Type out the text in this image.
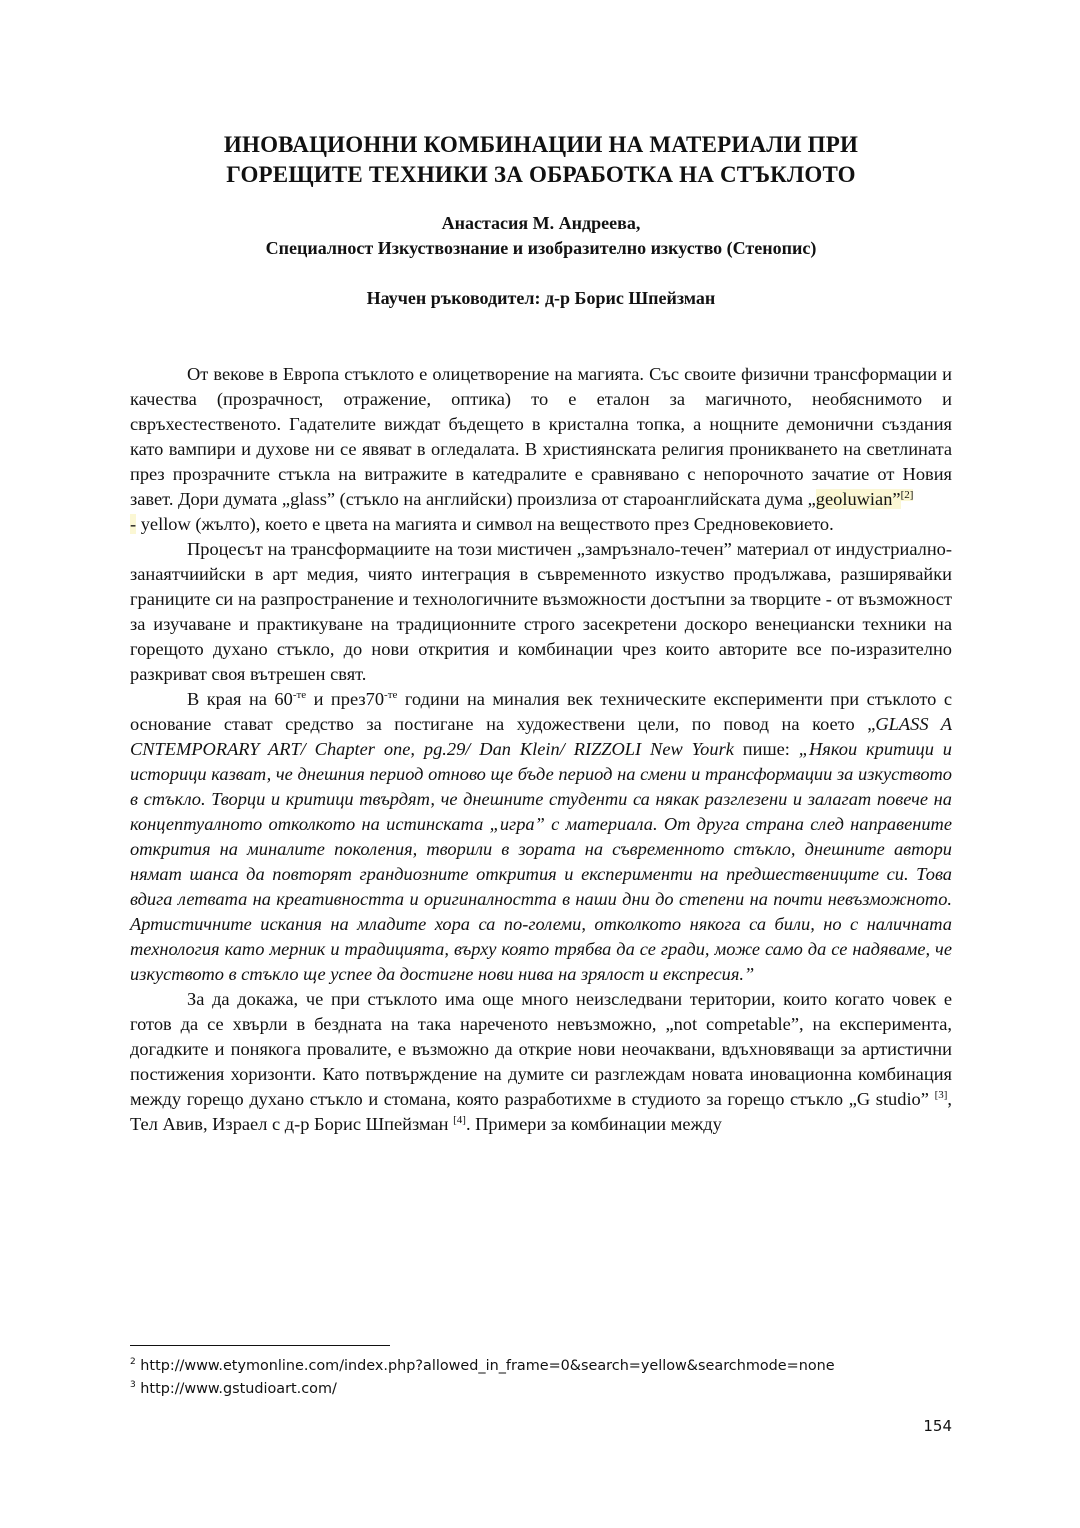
ИНОВАЦИОННИ КОМБИНАЦИИ НА МАТЕРИАЛИ ПРИ
ГОРЕЩИТЕ ТЕХНИКИ ЗА ОБРАБОТКА НА СТЪКЛОТО
Анастасия М. Андреева,
Специалност Изкуствознание и изобразително изкуство (Стенопис)
Научен ръководител: д-р Борис Шпейзман

От векове в Европа стъклото е олицетворение на магията. Със своите физични трансформации и качества (прозрачност, отражение, оптика) то е еталон за магичното, необяснимото и свръхестественото. Гадателите виждат бъдещето в кристална топка, а нощните демонични създания като вампири и духове ни се явяват в огледалата. В християнската религия проникването на светлината през прозрачните стъкла на витражите в катедралите е сравнявано с непорочното зачатие от Новия завет. Дори думата „glass” (стъкло на английски) произлиза от староанглийската дума „geoluwian”[2]
- yellow (жълто), което е цвета на магията и символ на веществото през Средновековието.

Процесът на трансформациите на този мистичен „замръзнало-течен” материал от индустриално-занаятчиийски в арт медия, чиято интеграция в съвременното изкуство продължава, разширявайки границите си на разпространение и технологичните възможности достъпни за творците - от възможност за изучаване и практикуване на традиционните строго засекретени доскоро венециански техники на горещото духано стъкло, до нови открития и комбинации чрез които авторите все по-изразително разкриват своя вътрешен свят.

В края на $60^{-те}$ и $през70^{-те}$ години на миналия век техническите експерименти при стъклото с основание стават средство за постигане на художествени цели, по повод на което „GLASS A CNTEMPORARY ART/ Chapter one, pg.29/ Dan Klein/ RIZZOLI New Yourk пише: „Някои критици и историци казват, че днешния период отново ще бъде период на смени и трансформации за изкуството в стъкло. Творци и критици твърдят, че днешните студенти са някак разглезени и залагат повече на концептуалното отколкото на истинската „игра” с материала. От друга страна след направените открития на миналите поколения, творили в зората на съвременното стъкло, днешните автори нямат шанса да повторят грандиозните открития и експерименти на предшествениците си. Това вдига летвата на креативността и оригиналността в наши дни до степени на почти невъзможното. Артистичните искания на младите хора са по-големи, отколкото някога са били, но с наличната технология като мерник и традицията, върху която трябва да се гради, може само да се надяваме, че изкуството в стъкло ще успее да достигне нови нива на зрялост и експресия.”

За да докажа, че при стъклото има още много неизследвани територии, които когато човек е готов да се хвърли в бездната на така нареченото невъзможно, „not competable”, на експеримента, догадките и понякога провалите, е възможно да открие нови неочаквани, вдъхновяващи за артистични постижения хоризонти. Като потвърждение на думите си разглеждам новата иновационна комбинация между горещо духано стъкло и стомана, която разработихме в студиото за горещо стъкло „G studio” [3], Тел Авив, Израел с д-р Борис Шпейзман [4]. Примери за комбинации между

$^2$ http://www.etymonline.com/index.php?allowed_in_frame=0&search=yellow&searchmode=none
$^3$ http://www.gstudioart.com/
154
